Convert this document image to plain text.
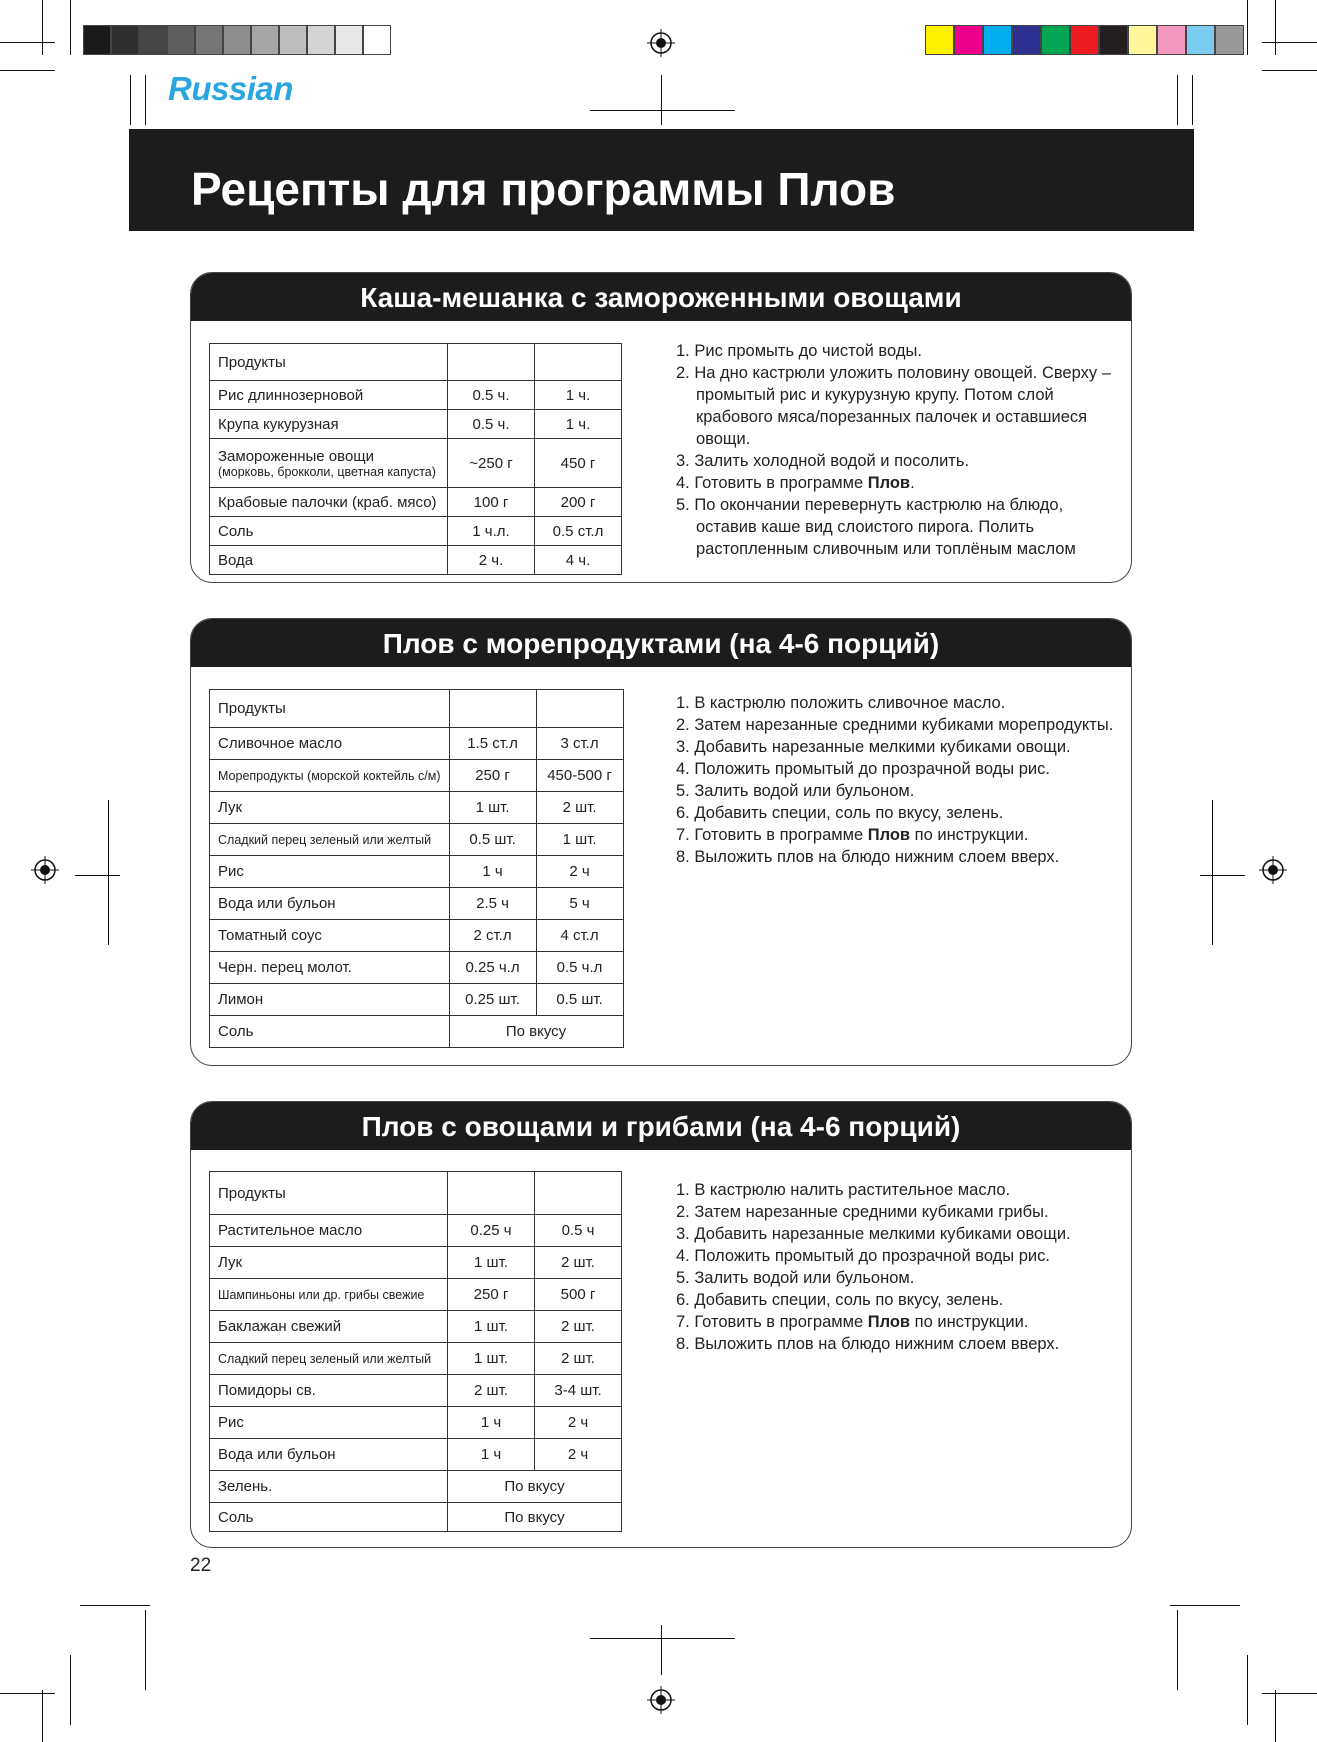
Russian
Рецепты для программы Плов
Каша-мешанка с замороженными овощами
Продукты		
Рис длиннозерновой	0.5 ч.	1 ч.
Крупа кукурузная	0.5 ч.	1 ч.

Замороженные овощи
(морковь, брокколи, цветная капуста)	~250 г	450 г
Крабовые палочки (краб. мясо)	100 г	200 г
Соль	1 ч.л.	0.5 ст.л
Вода	2 ч.	4 ч.
1. Рис промыть до чистой воды.
2. На дно кастрюли уложить половину овощей. Сверху – промытый рис и кукурузную крупу. Потом слой крабового мяса/порезанных палочек и оставшиеся овощи.
3. Залить холодной водой и посолить.
4. Готовить в программе Плов.
5. По окончании перевернуть кастрюлю на блюдо, оставив каше вид слоистого пирога. Полить растопленным сливочным или топлёным маслом
Плов с морепродуктами (на 4-6 порций)
Продукты		
Сливочное масло	1.5 ст.л	3 ст.л
Морепродукты (морской коктейль с/м)	250 г	450-500 г
Лук	1 шт.	2 шт.
Сладкий перец зеленый или желтый	0.5 шт.	1 шт.
Рис	1 ч	2 ч
Вода или бульон	2.5 ч	5 ч
Томатный соус	2 ст.л	4 ст.л
Черн. перец молот.	0.25 ч.л	0.5 ч.л
Лимон	0.25 шт.	0.5 шт.
Соль	По вкусу	
1. В кастрюлю положить сливочное масло.
2. Затем нарезанные средними кубиками морепродукты.
3. Добавить нарезанные мелкими кубиками овощи.
4. Положить промытый до прозрачной воды рис.
5. Залить водой или бульоном.
6. Добавить специи, соль по вкусу, зелень.
7. Готовить в программе Плов по инструкции.
8. Выложить плов на блюдо нижним слоем вверх.
Плов с овощами и грибами (на 4-6 порций)
Продукты		
Растительное масло	0.25 ч	0.5 ч
Лук	1 шт.	2 шт.
Шампиньоны или др. грибы свежие	250 г	500 г
Баклажан свежий	1 шт.	2 шт.
Сладкий перец зеленый или желтый	1 шт.	2 шт.
Помидоры св.	2 шт.	3-4 шт.
Рис	1 ч	2 ч
Вода или бульон	1 ч	2 ч
Зелень.	По вкусу	
Соль	По вкусу	
1. В кастрюлю налить растительное масло.
2. Затем нарезанные средними кубиками грибы.
3. Добавить нарезанные мелкими кубиками овощи.
4. Положить промытый до прозрачной воды рис.
5. Залить водой или бульоном.
6. Добавить специи, соль по вкусу, зелень.
7. Готовить в программе Плов по инструкции.
8. Выложить плов на блюдо нижним слоем вверх.
22
